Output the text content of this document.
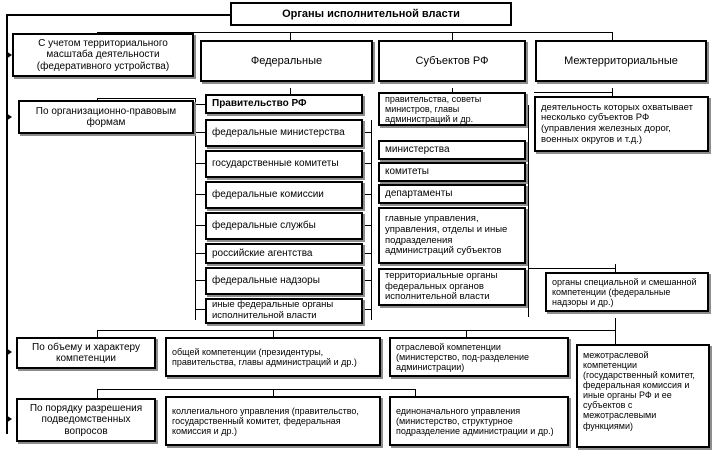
Органы исполнительной власти
С учетом территориального масштаба деятельности (федеративного устройства)	Федеральные	Субъектов РФ	Межтерриториальные
По организационно-правовым формам
Правительство РФ
федеральные министерства
государственные комитеты
федеральные комиссии
федеральные службы
российские агентства
федеральные надзоры
иные федеральные органы исполнительной власти
правительства, советы министров, главы администраций и др.
министерства
комитеты
департаменты
главные управления, управления, отделы и иные подразделения администраций субъектов
территориальные органы федеральных органов исполнительной власти
деятельность которых охватывает несколько субъектов РФ (управления железных дорог, военных округов и т.д.)
органы специальной и смешанной компетенции (федеральные надзоры и др.)
По объему и характеру компетенции
общей компетенции (президентуры, правительства, главы администраций и др.)
отраслевой компетенции (министерство, под-разделение администрации)
межотраслевой компетенции (государственный комитет, федеральная комиссия и иные органы РФ и ее субъектов с межотраслевыми функциями)
По порядку разрешения подведомственных вопросов
коллегиального управления (правительство, государственный комитет, федеральная комиссия и др.)
единоначального управления (министерство, структурное подразделение администрации и др.)
